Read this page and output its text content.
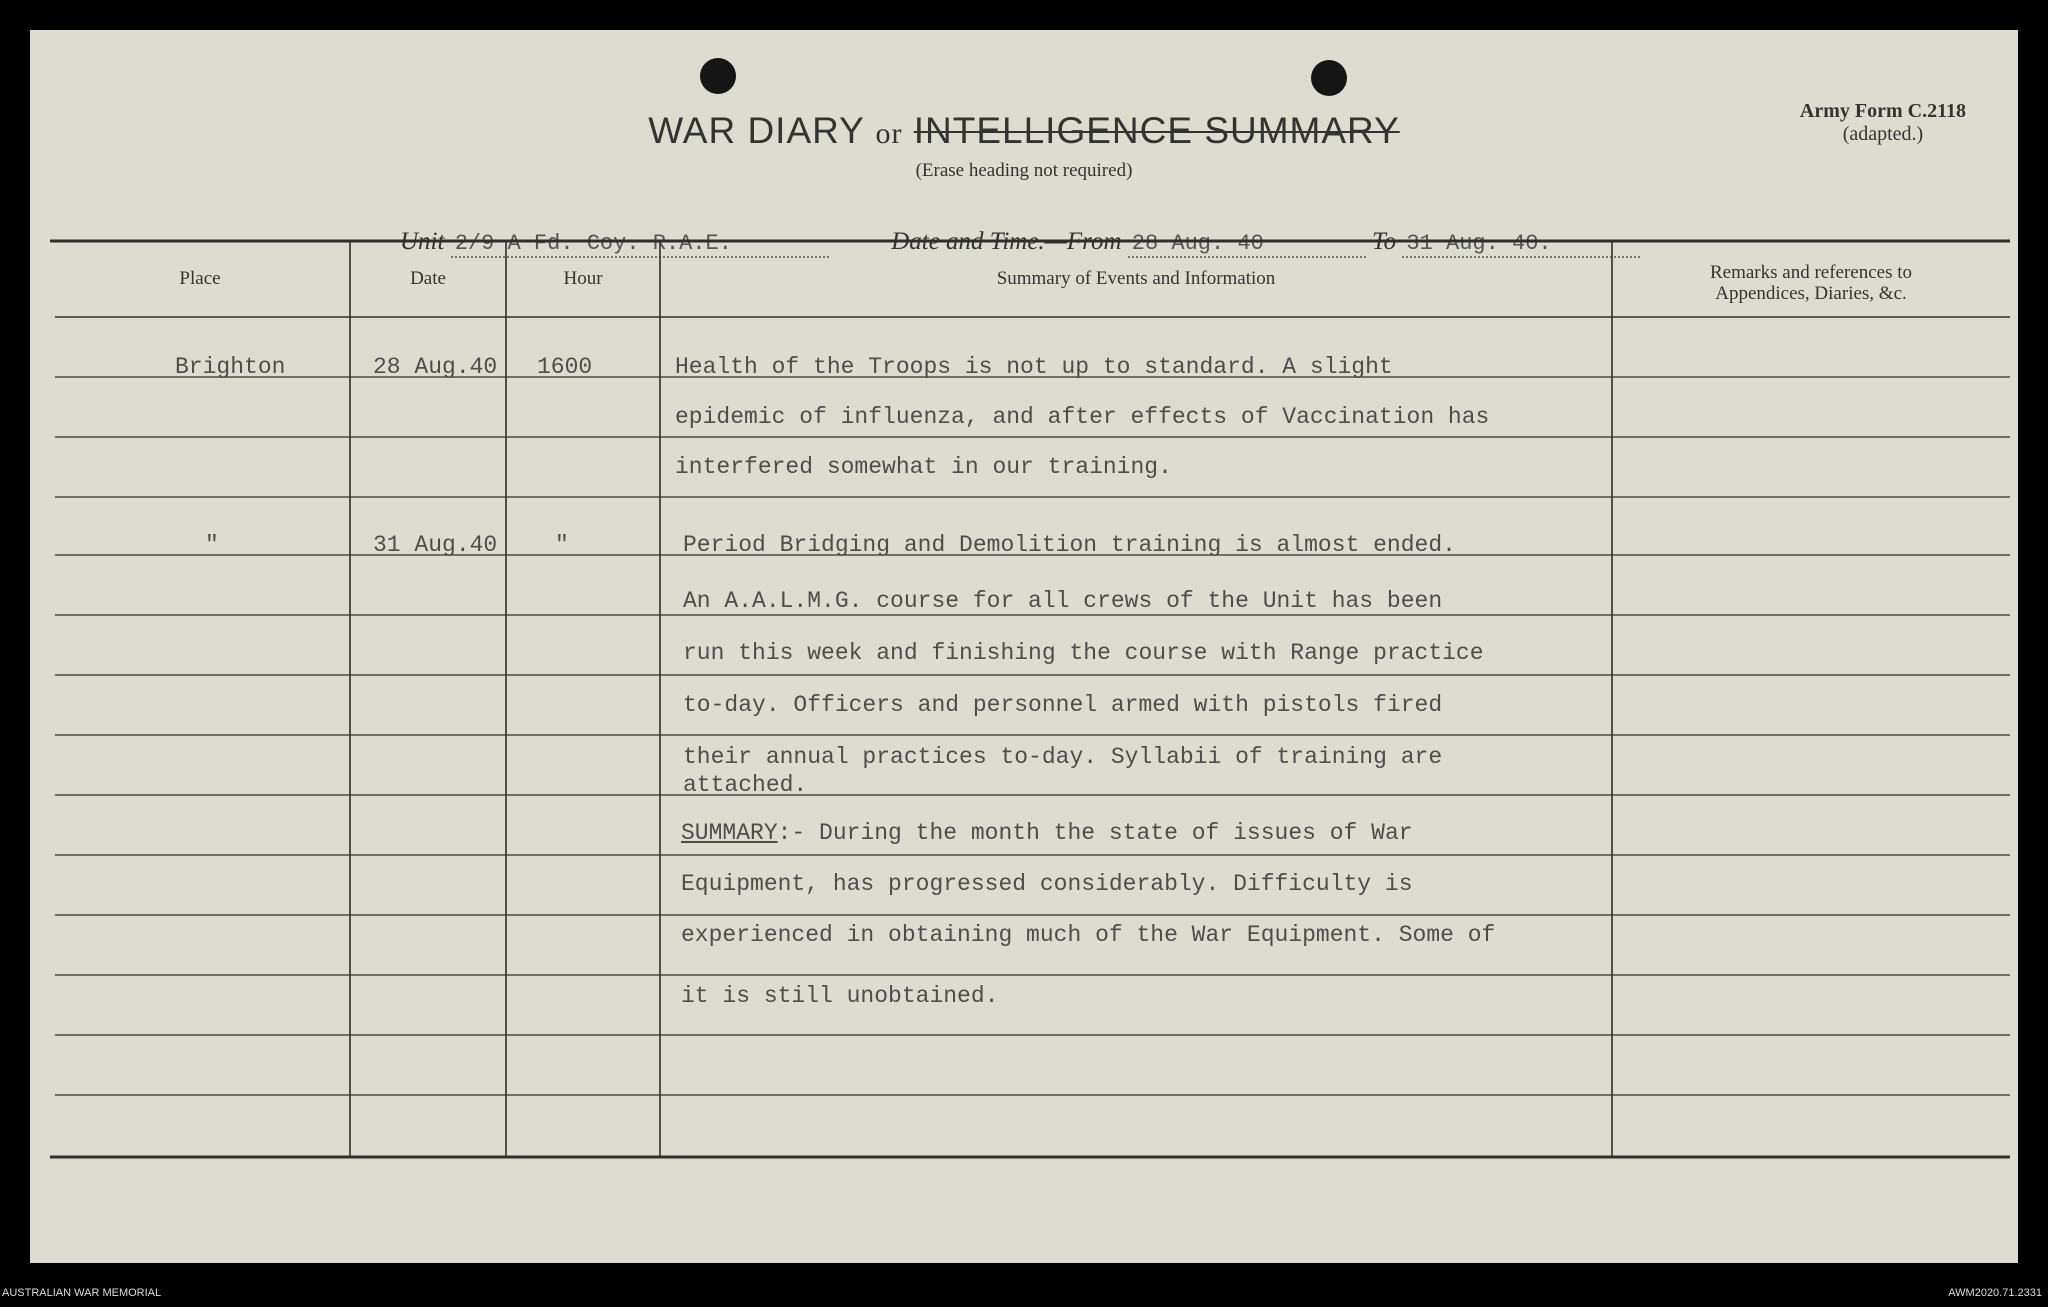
WAR DIARY or INTELLIGENCE SUMMARY
(Erase heading not required)
Army Form C.2118
(adapted.)
Unit 2/9 A Fd. Coy. R.A.E.	Date and Time.—From 28 Aug. 40	To 31 Aug. 40.
Place	Date	Hour	Summary of Events and Information	Remarks and references to
Appendices, Diaries, &c.
Brighton	28 Aug.40 1600	Health of the Troops is not up to standard. A slight
epidemic of influenza, and after effects of Vaccination has
interfered somewhat in our training.
"	31 Aug.40	"	Period Bridging and Demolition training is almost ended.
An A.A.L.M.G. course for all crews of the Unit has been
run this week and finishing the course with Range practice
to-day. Officers and personnel armed with pistols fired
their annual practices to-day. Syllabii of training are
attached.
SUMMARY:- During the month the state of issues of War
Equipment, has progressed considerably. Difficulty is
experienced in obtaining much of the War Equipment. Some of
it is still unobtained.
AUSTRALIAN WAR MEMORIAL	AWM2020.71.2331
